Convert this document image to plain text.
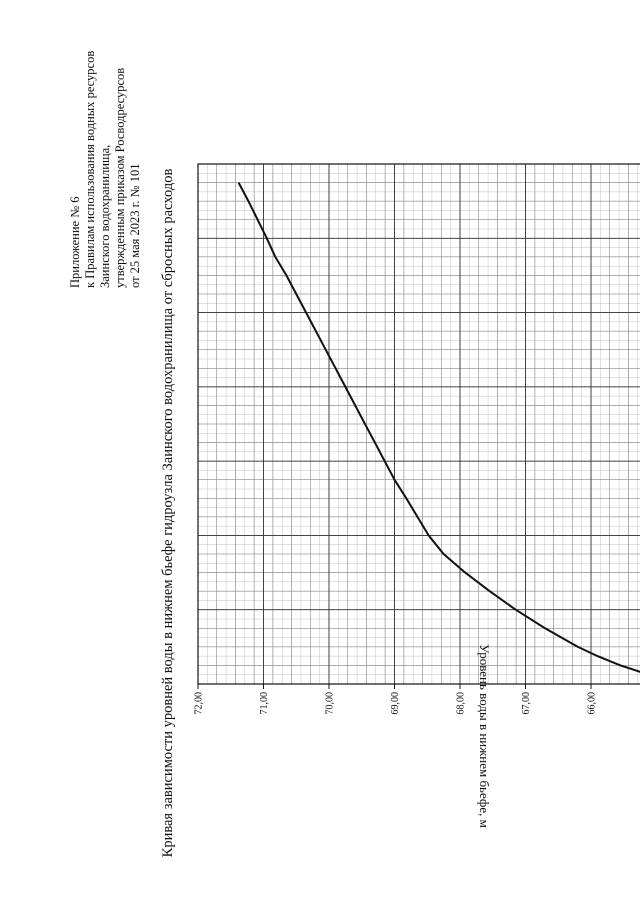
Приложение № 6 к Правилам использования водных ресурсов Заинского водохранилища, утвержденным приказом Росводресурсов от 25 мая 2023 г. № 101 Кривая зависимости уровней воды в нижнем бьефе гидроузла Заинского водохранилища от сбросных расходов	66,00
67,00
68,00
69,00
70,00
71,00
72,00	Уровень воды в нижнем бьефе, м
